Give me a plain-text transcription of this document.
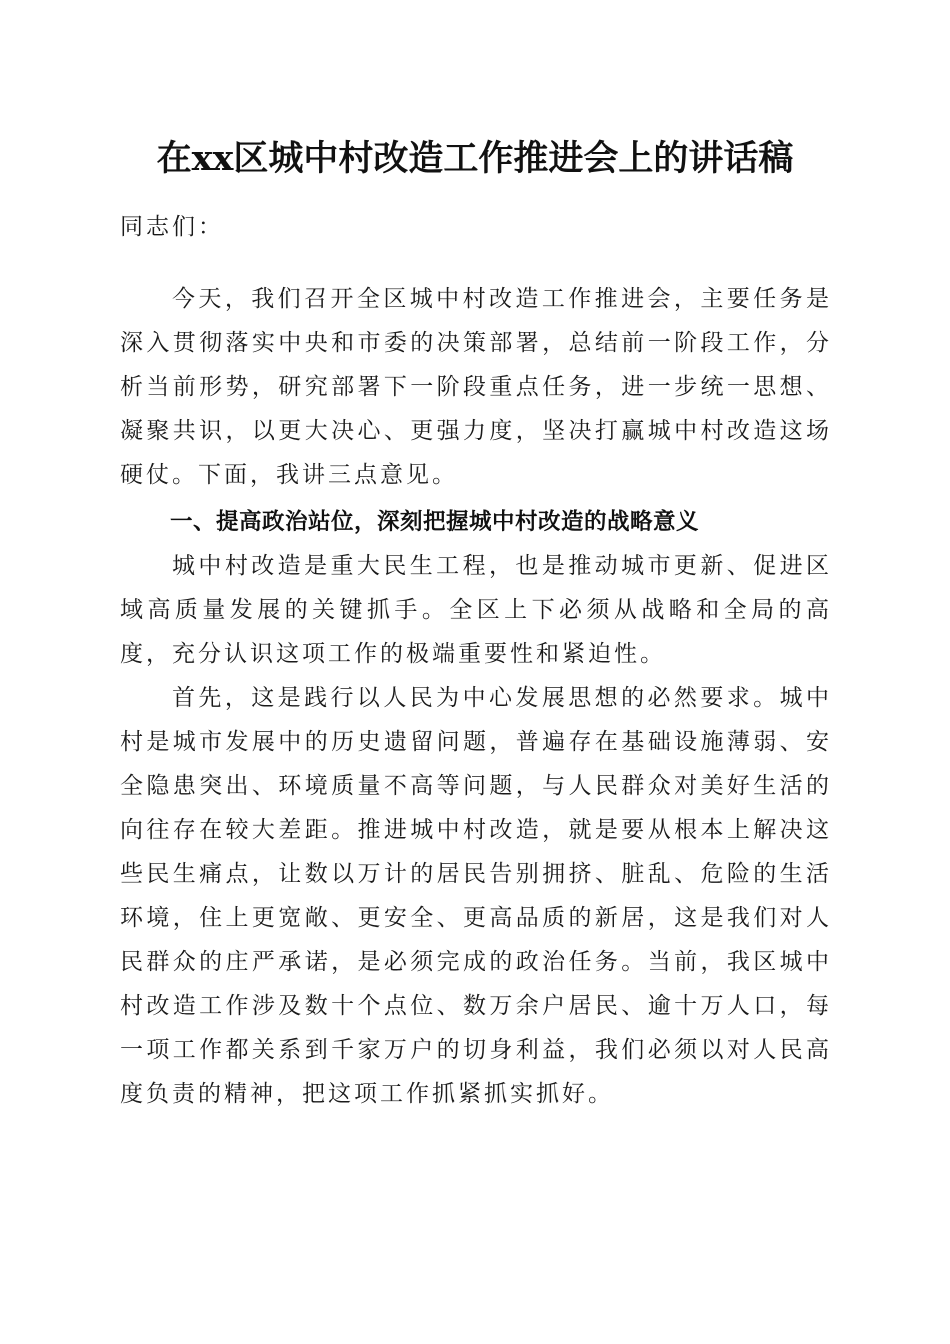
在xx区城中村改造工作推进会上的讲话稿
同志们：
今天，我们召开全区城中村改造工作推进会，主要任务是深入贯彻落实中央和市委的决策部署，总结前一阶段工作，分析当前形势，研究部署下一阶段重点任务，进一步统一思想、凝聚共识，以更大决心、更强力度，坚决打赢城中村改造这场硬仗。下面，我讲三点意见。
一、提高政治站位，深刻把握城中村改造的战略意义
城中村改造是重大民生工程，也是推动城市更新、促进区域高质量发展的关键抓手。全区上下必须从战略和全局的高度，充分认识这项工作的极端重要性和紧迫性。
首先，这是践行以人民为中心发展思想的必然要求。城中村是城市发展中的历史遗留问题，普遍存在基础设施薄弱、安全隐患突出、环境质量不高等问题，与人民群众对美好生活的向往存在较大差距。推进城中村改造，就是要从根本上解决这些民生痛点，让数以万计的居民告别拥挤、脏乱、危险的生活环境，住上更宽敞、更安全、更高品质的新居，这是我们对人民群众的庄严承诺，是必须完成的政治任务。当前，我区城中村改造工作涉及数十个点位、数万余户居民、逾十万人口，每一项工作都关系到千家万户的切身利益，我们必须以对人民高度负责的精神，把这项工作抓紧抓实抓好。
